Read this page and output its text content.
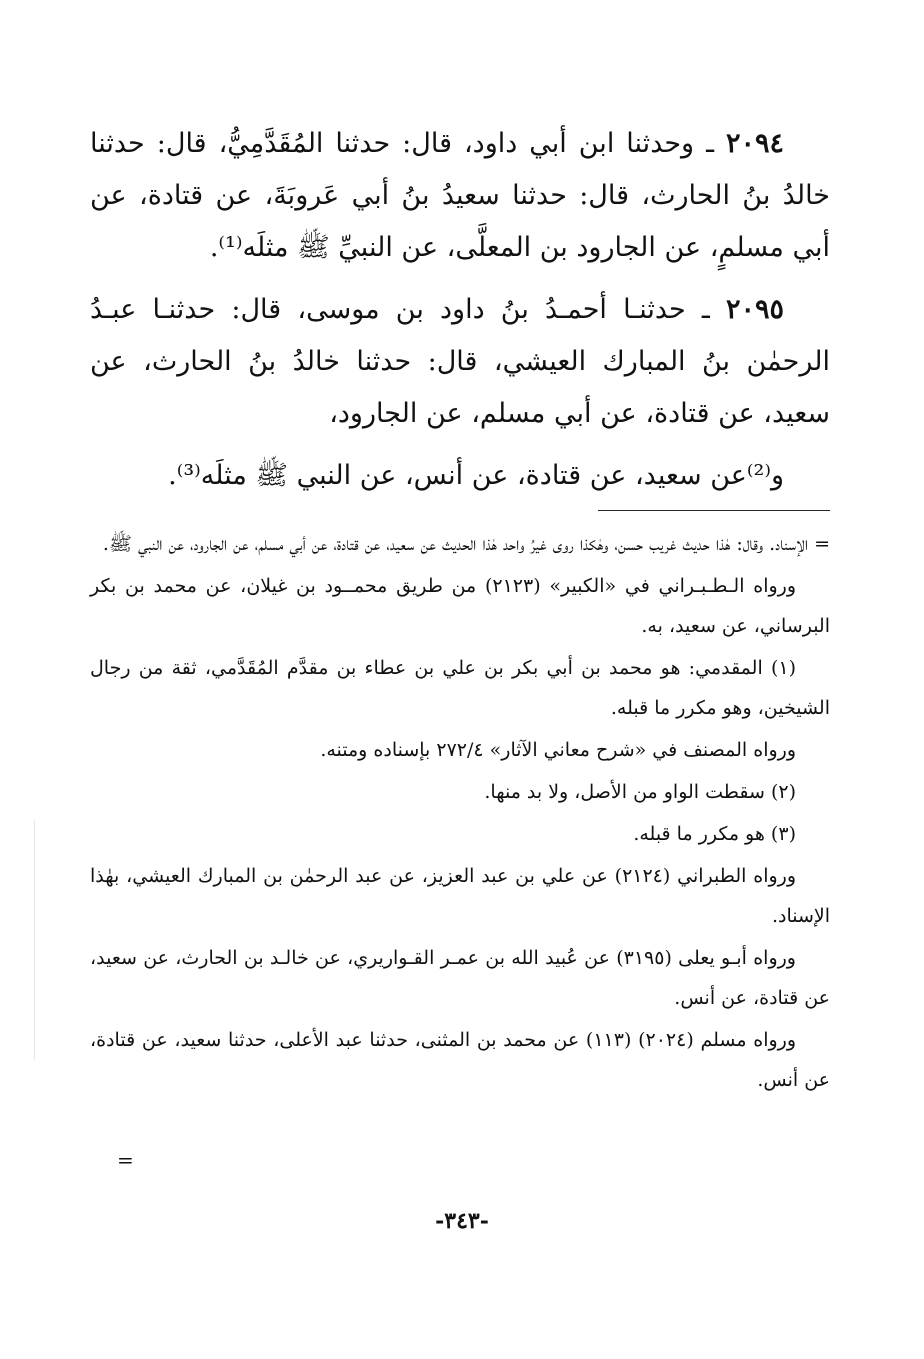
٢٠٩٤ ـ وحدثنا ابن أبي داود، قال: حدثنا المُقَدَّمِيُّ، قال: حدثنا خالدُ بنُ الحارث، قال: حدثنا سعيدُ بنُ أبي عَروبَةَ، عن قتادة، عن أبي مسلمٍ، عن الجارود بن المعلَّى، عن النبيِّ ﷺ مثلَه⁽¹⁾.

٢٠٩٥ ـ حدثنـا أحمـدُ بنُ داود بن موسى، قال: حدثنـا عبـدُ الرحمٰن بنُ المبارك العيشي، قال: حدثنا خالدُ بنُ الحارث، عن سعيد، عن قتادة، عن أبي مسلم، عن الجارود،

و⁽²⁾عن سعيد، عن قتادة، عن أنس، عن النبي ﷺ مثلَه⁽³⁾.

= الإسناد. وقال: هٰذا حديث غريب حسن، وهٰكذا روى غيرُ واحد هٰذا الحديث عن سعيد، عن قتادة، عن أبي مسلم، عن الجارود، عن النبي ﷺ.

ورواه الـطـبـراني في «الكبير» (٢١٢٣) من طريق محمــود بن غيلان، عن محمد بن بكر البرساني، عن سعيد، به.

(١) المقدمي: هو محمد بن أبي بكر بن علي بن عطاء بن مقدَّم المُقَدَّمي، ثقة من رجال الشيخين، وهو مكرر ما قبله.

ورواه المصنف في «شرح معاني الآثار» ٢٧٢/٤ بإسناده ومتنه.

(٢) سقطت الواو من الأصل، ولا بد منها.

(٣) هو مكرر ما قبله.

ورواه الطبراني (٢١٢٤) عن علي بن عبد العزيز، عن عبد الرحمٰن بن المبارك العيشي، بهٰذا الإسناد.

ورواه أبـو يعلى (٣١٩٥) عن عُبيد الله بن عمـر القـواريري، عن خالـد بن الحارث، عن سعيد، عن قتادة، عن أنس.

ورواه مسلم (٢٠٢٤) (١١٣) عن محمد بن المثنى، حدثنا عبد الأعلى، حدثنا سعيد، عن قتادة، عن أنس.

=
-٣٤٣-
